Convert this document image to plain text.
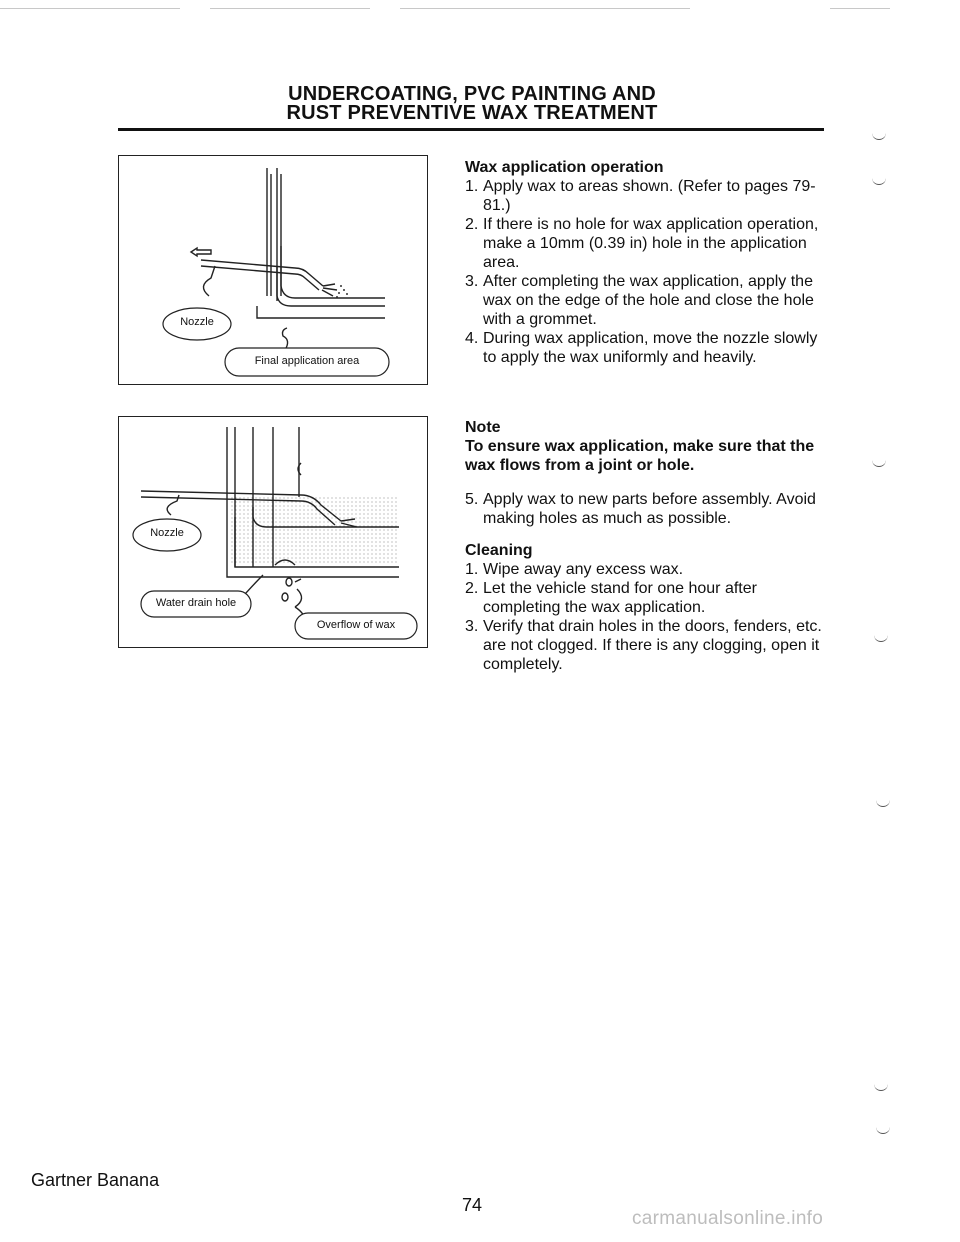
UNDERCOATING, PVC PAINTING AND
RUST PREVENTIVE WAX TREATMENT
Nozzle
Final application area
Nozzle
Water drain hole
Overflow of wax

Wax application operation

1. Apply wax to areas shown. (Refer to pages 79-81.)
2. If there is no hole for wax application operation, make a 10mm (0.39 in) hole in the application area.
3. After completing the wax application, apply the wax on the edge of the hole and close the hole with a grommet.
4. During wax application, move the nozzle slowly to apply the wax uniformly and heavily.

Note

To ensure wax application, make sure that the wax flows from a joint or hole.

5. Apply wax to new parts before assembly. Avoid making holes as much as possible.

Cleaning

1. Wipe away any excess wax.
2. Let the vehicle stand for one hour after completing the wax application.
3. Verify that drain holes in the doors, fenders, etc. are not clogged. If there is any clogging, open it completely.
Gartner Banana
74
carmanualsonline.info
